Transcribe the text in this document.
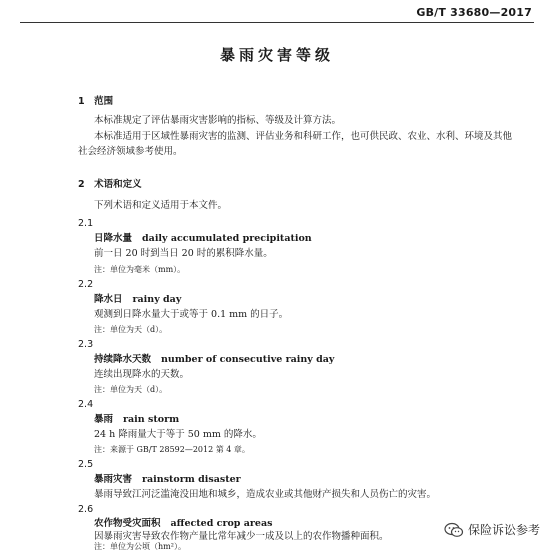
GB/T 33680—2017
暴雨灾害等级
1　范围
本标准规定了评估暴雨灾害影响的指标、等级及计算方法。
本标准适用于区域性暴雨灾害的监测、评估业务和科研工作，也可供民政、农业、水利、环境及其他
社会经济领域参考使用。
2　术语和定义
下列术语和定义适用于本文件。
2.1
日降水量 daily accumulated precipitation
前一日 20 时到当日 20 时的累积降水量。
注：单位为毫米（mm）。
2.2
降水日 rainy day
观测到日降水量大于或等于 0.1 mm 的日子。
注：单位为天（d）。
2.3
持续降水天数 number of consecutive rainy day
连续出现降水的天数。
注：单位为天（d）。
2.4
暴雨 rain storm
24 h 降雨量大于等于 50 mm 的降水。
注：来源于 GB/T 28592—2012 第 4 章。
2.5
暴雨灾害 rainstorm disaster
暴雨导致江河泛滥淹没田地和城乡，造成农业或其他财产损失和人员伤亡的灾害。
2.6
农作物受灾面积 affected crop areas
因暴雨灾害导致农作物产量比常年减少一成及以上的农作物播种面积。
注：单位为公顷（hm²）。
保险诉讼参考
